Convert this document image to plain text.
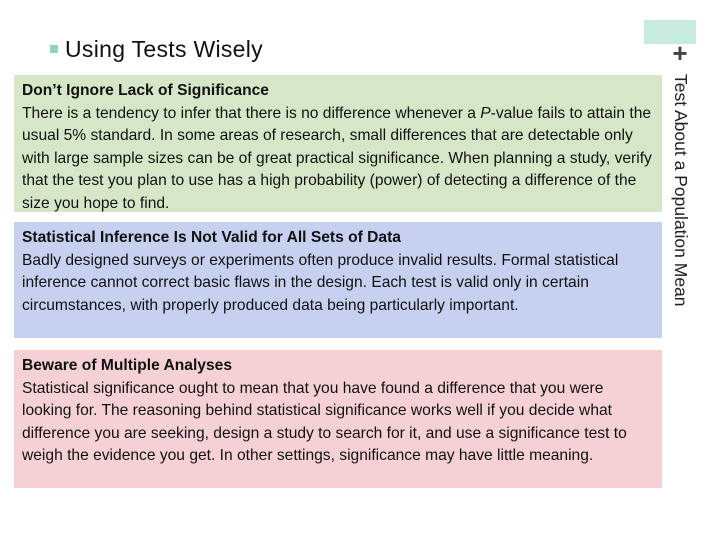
+
Using Tests Wisely
Test About a Population Mean
Don’t Ignore Lack of Significance
There is a tendency to infer that there is no difference whenever a P-value fails to attain the usual 5% standard. In some areas of research, small differences that are detectable only with large sample sizes can be of great practical significance. When planning a study, verify that the test you plan to use has a high probability (power) of detecting a difference of the size you hope to find.
Statistical Inference Is Not Valid for All Sets of Data
Badly designed surveys or experiments often produce invalid results. Formal statistical inference cannot correct basic flaws in the design. Each test is valid only in certain circumstances, with properly produced data being particularly important.
Beware of Multiple Analyses
Statistical significance ought to mean that you have found a difference that you were looking for. The reasoning behind statistical significance works well if you decide what difference you are seeking, design a study to search for it, and use a significance test to weigh the evidence you get. In other settings, significance may have little meaning.
